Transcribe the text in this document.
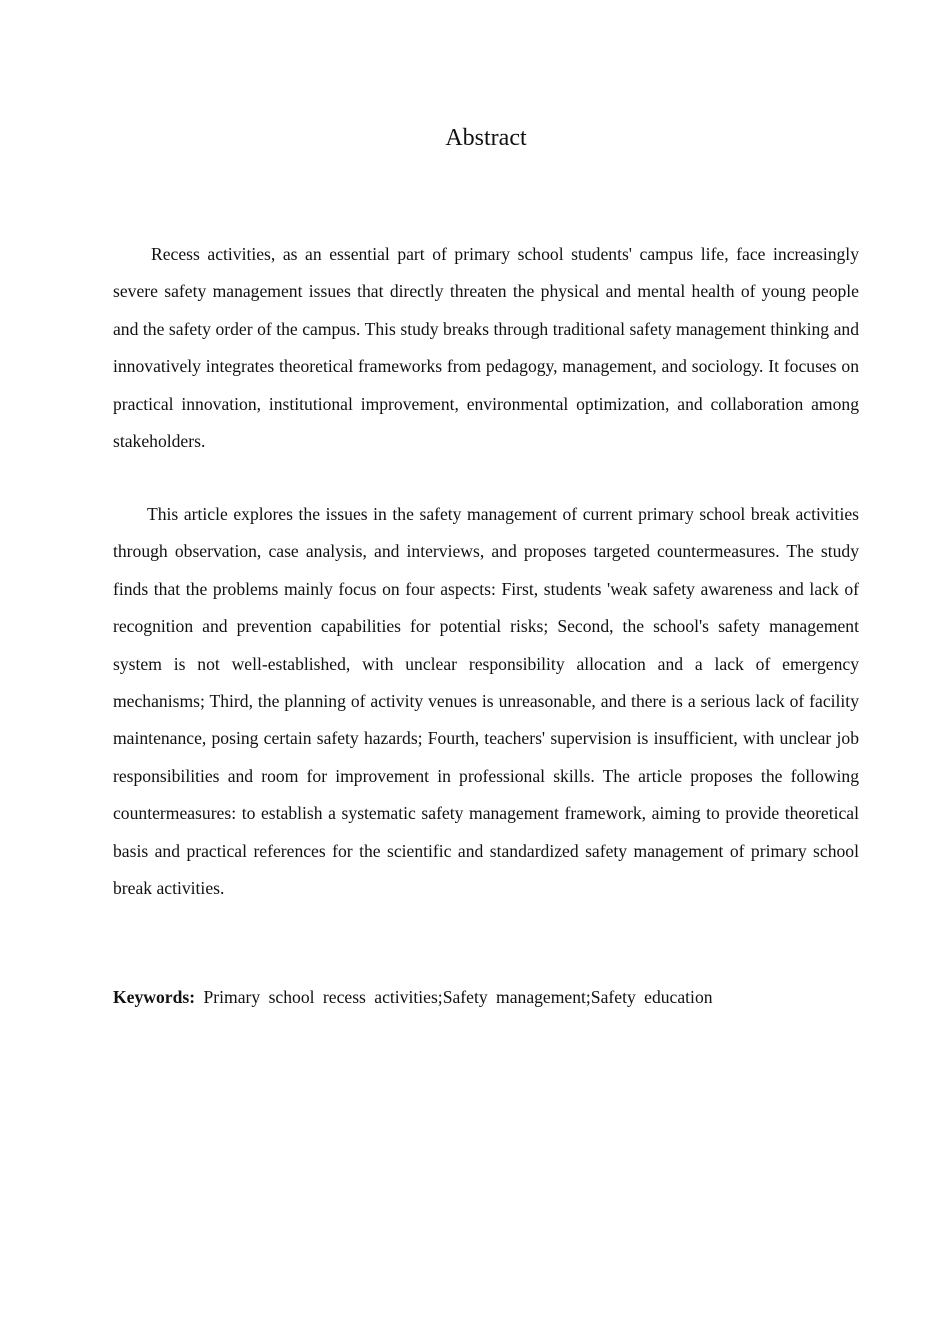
Abstract

Recess activities, as an essential part of primary school students' campus life, face increasingly severe safety management issues that directly threaten the physical and mental health of young people and the safety order of the campus. This study breaks through traditional safety management thinking and innovatively integrates theoretical frameworks from pedagogy, management, and sociology. It focuses on practical innovation, institutional improvement, environmental optimization, and collaboration among stakeholders.

This article explores the issues in the safety management of current primary school break activities through observation, case analysis, and interviews, and proposes targeted countermeasures. The study finds that the problems mainly focus on four aspects: First, students 'weak safety awareness and lack of recognition and prevention capabilities for potential risks; Second, the school's safety management system is not well-established, with unclear responsibility allocation and a lack of emergency mechanisms; Third, the planning of activity venues is unreasonable, and there is a serious lack of facility maintenance, posing certain safety hazards; Fourth, teachers' supervision is insufficient, with unclear job responsibilities and room for improvement in professional skills. The article proposes the following countermeasures: to establish a systematic safety management framework, aiming to provide theoretical basis and practical references for the scientific and standardized safety management of primary school break activities.

Keywords: Primary school recess activities;Safety management;Safety education
